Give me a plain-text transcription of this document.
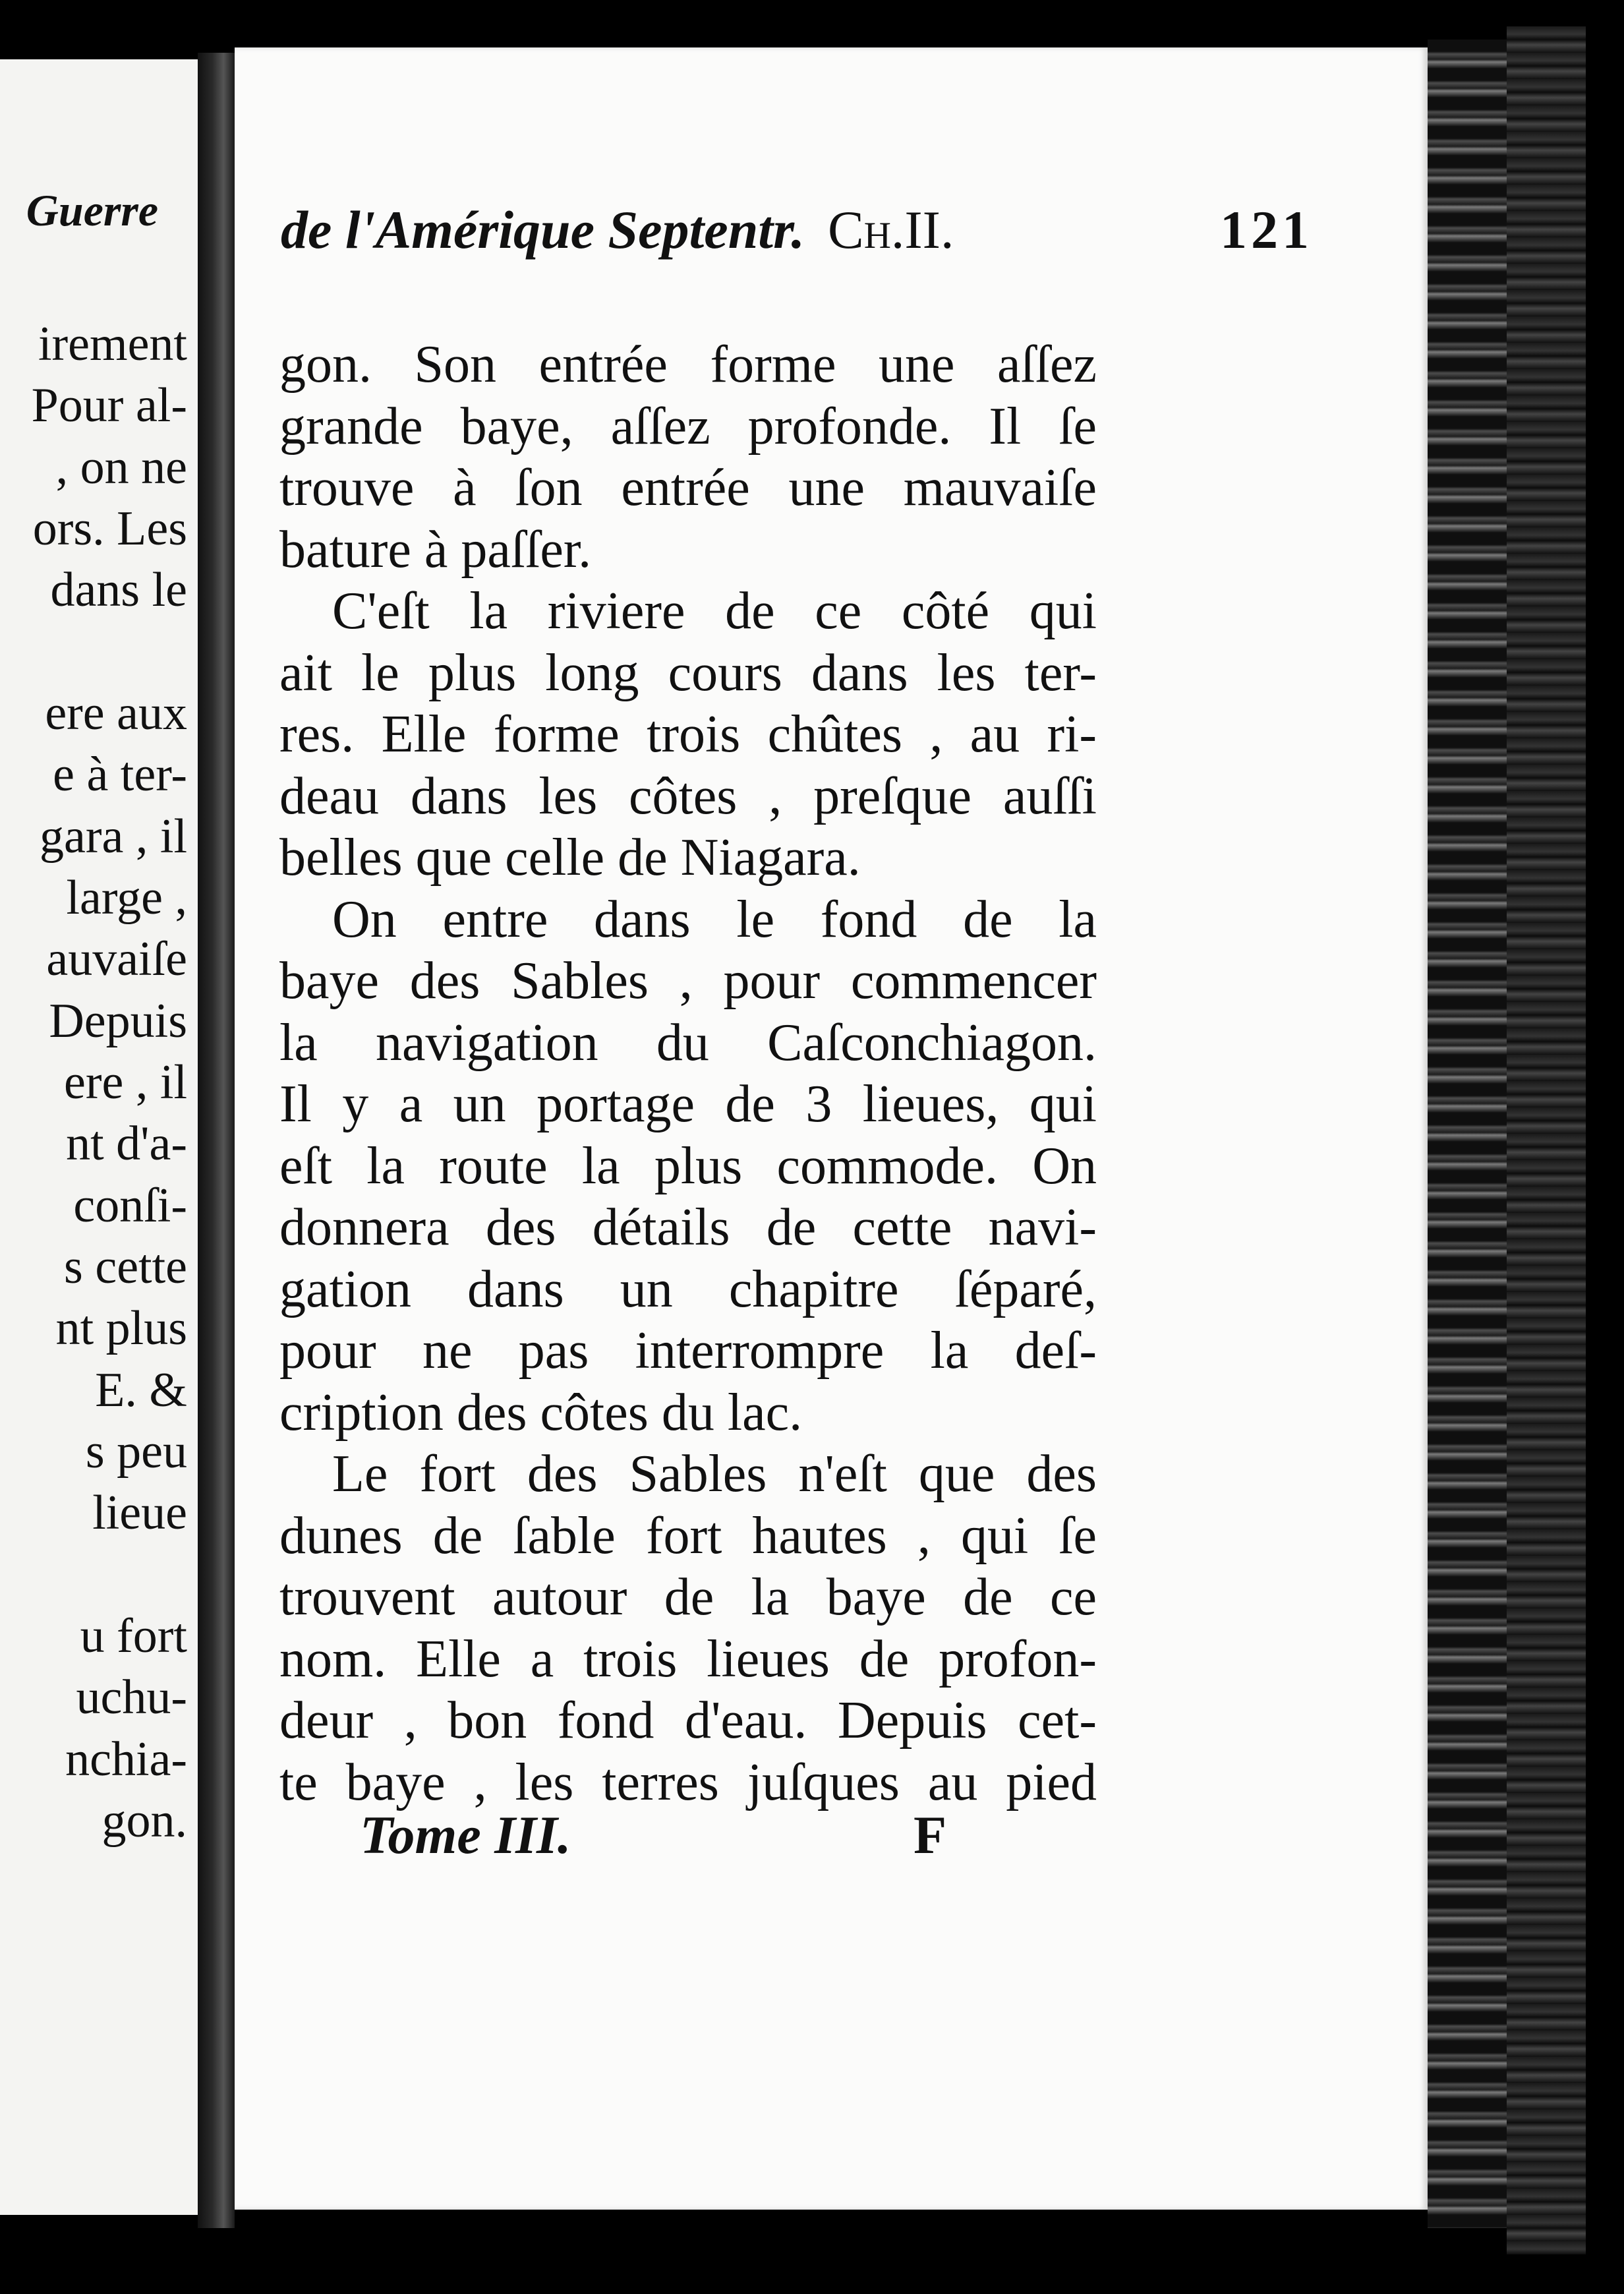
Guerre
irement
Pour al-
, on ne
ors. Les
dans le
ere aux
e à ter-
gara , il
large ,
auvaiſe
Depuis
ere , il
nt d'a-
conſi-
s cette
nt plus
E. &
s peu
lieue
u fort
uchu-
nchia-
gon.
de l'Amérique Septentr. Ch.II.	121
gon. Son entrée forme une aſſez
grande baye, aſſez profonde. Il ſe
trouve à ſon entrée une mauvaiſe
bature à paſſer.
C'eſt la riviere de ce côté qui
ait le plus long cours dans les ter-
res. Elle forme trois chûtes , au ri-
deau dans les côtes , preſque auſſi
belles que celle de Niagara.
On entre dans le fond de la
baye des Sables , pour commencer
la navigation du Caſconchiagon.
Il y a un portage de 3 lieues, qui
eſt la route la plus commode. On
donnera des détails de cette navi-
gation dans un chapitre ſéparé,
pour ne pas interrompre la deſ-
cription des côtes du lac.
Le fort des Sables n'eſt que des
dunes de ſable fort hautes , qui ſe
trouvent autour de la baye de ce
nom. Elle a trois lieues de profon-
deur , bon fond d'eau. Depuis cet-
te baye , les terres juſques au pied
Tome III.	F
